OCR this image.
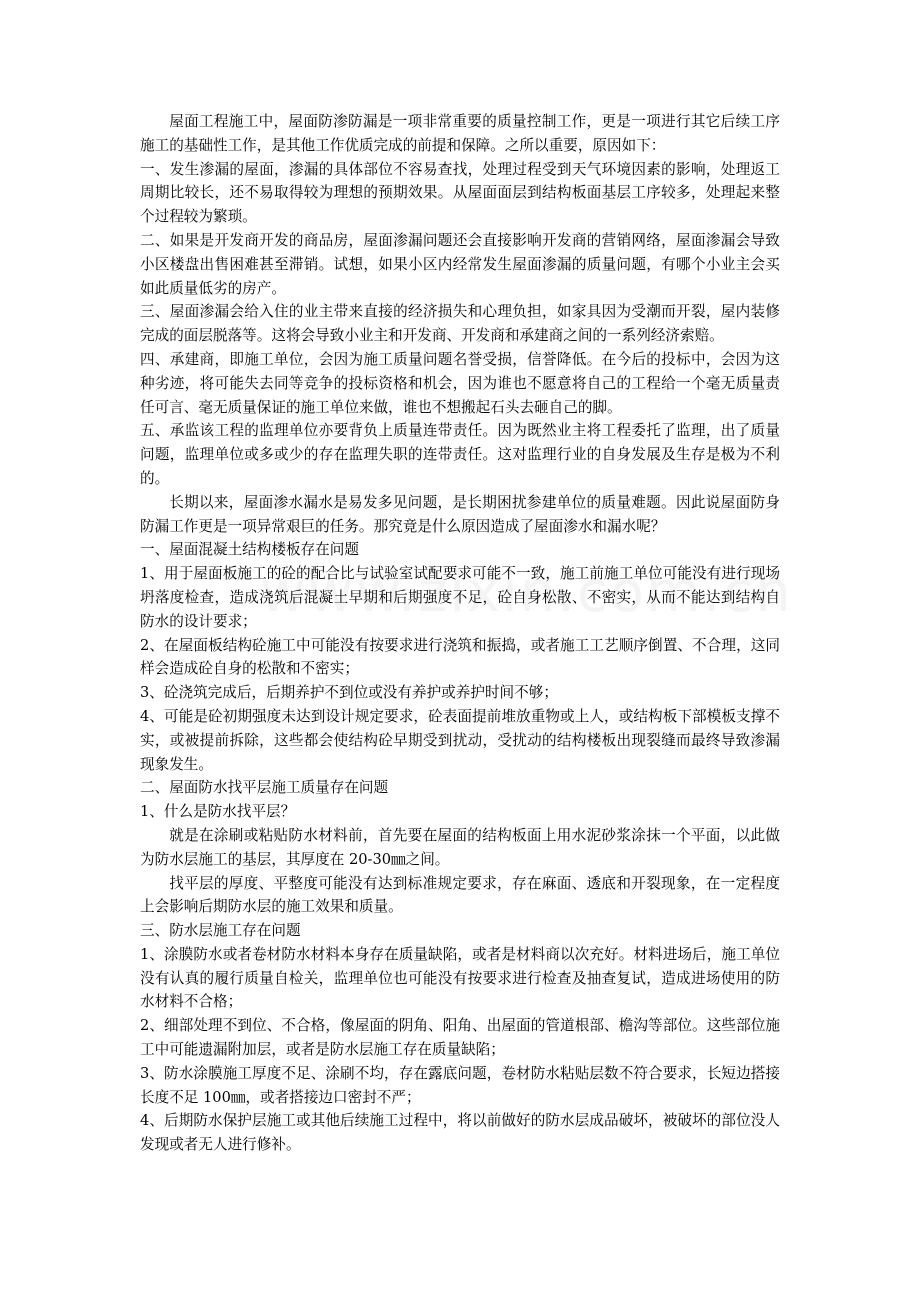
屋面工程施工中，屋面防渗防漏是一项非常重要的质量控制工作，更是一项进行其它后续工序施工的基础性工作，是其他工作优质完成的前提和保障。之所以重要，原因如下：

一、发生渗漏的屋面，渗漏的具体部位不容易查找，处理过程受到天气环境因素的影响，处理返工周期比较长，还不易取得较为理想的预期效果。从屋面面层到结构板面基层工序较多，处理起来整个过程较为繁琐。

二、如果是开发商开发的商品房，屋面渗漏问题还会直接影响开发商的营销网络，屋面渗漏会导致小区楼盘出售困难甚至滞销。试想，如果小区内经常发生屋面渗漏的质量问题，有哪个小业主会买如此质量低劣的房产。

三、屋面渗漏会给入住的业主带来直接的经济损失和心理负担，如家具因为受潮而开裂，屋内装修完成的面层脱落等。这将会导致小业主和开发商、开发商和承建商之间的一系列经济索赔。

四、承建商，即施工单位，会因为施工质量问题名誉受损，信誉降低。在今后的投标中，会因为这种劣迹，将可能失去同等竞争的投标资格和机会，因为谁也不愿意将自己的工程给一个毫无质量责任可言、毫无质量保证的施工单位来做，谁也不想搬起石头去砸自己的脚。

五、承监该工程的监理单位亦要背负上质量连带责任。因为既然业主将工程委托了监理，出了质量问题，监理单位或多或少的存在监理失职的连带责任。这对监理行业的自身发展及生存是极为不利的。

长期以来，屋面渗水漏水是易发多见问题，是长期困扰参建单位的质量难题。因此说屋面防身防漏工作更是一项异常艰巨的任务。那究竟是什么原因造成了屋面渗水和漏水呢？

一、屋面混凝土结构楼板存在问题

1、用于屋面板施工的砼的配合比与试验室试配要求可能不一致，施工前施工单位可能没有进行现场坍落度检查，造成浇筑后混凝土早期和后期强度不足，砼自身松散、不密实，从而不能达到结构自防水的设计要求；

2、在屋面板结构砼施工中可能没有按要求进行浇筑和振捣，或者施工工艺顺序倒置、不合理，这同样会造成砼自身的松散和不密实；

3、砼浇筑完成后，后期养护不到位或没有养护或养护时间不够；

4、可能是砼初期强度未达到设计规定要求，砼表面提前堆放重物或上人，或结构板下部模板支撑不实，或被提前拆除，这些都会使结构砼早期受到扰动，受扰动的结构楼板出现裂缝而最终导致渗漏现象发生。

二、屋面防水找平层施工质量存在问题

1、什么是防水找平层？

就是在涂刷或粘贴防水材料前，首先要在屋面的结构板面上用水泥砂浆涂抹一个平面，以此做为防水层施工的基层，其厚度在 20-30㎜之间。

找平层的厚度、平整度可能没有达到标准规定要求，存在麻面、透底和开裂现象，在一定程度上会影响后期防水层的施工效果和质量。

三、防水层施工存在问题

1、涂膜防水或者卷材防水材料本身存在质量缺陷，或者是材料商以次充好。材料进场后，施工单位没有认真的履行质量自检关，监理单位也可能没有按要求进行检查及抽查复试，造成进场使用的防水材料不合格；

2、细部处理不到位、不合格，像屋面的阴角、阳角、出屋面的管道根部、檐沟等部位。这些部位施工中可能遗漏附加层，或者是防水层施工存在质量缺陷；

3、防水涂膜施工厚度不足、涂刷不均，存在露底问题，卷材防水粘贴层数不符合要求，长短边搭接长度不足 100㎜，或者搭接边口密封不严；

4、后期防水保护层施工或其他后续施工过程中，将以前做好的防水层成品破坏，被破坏的部位没人发现或者无人进行修补。
